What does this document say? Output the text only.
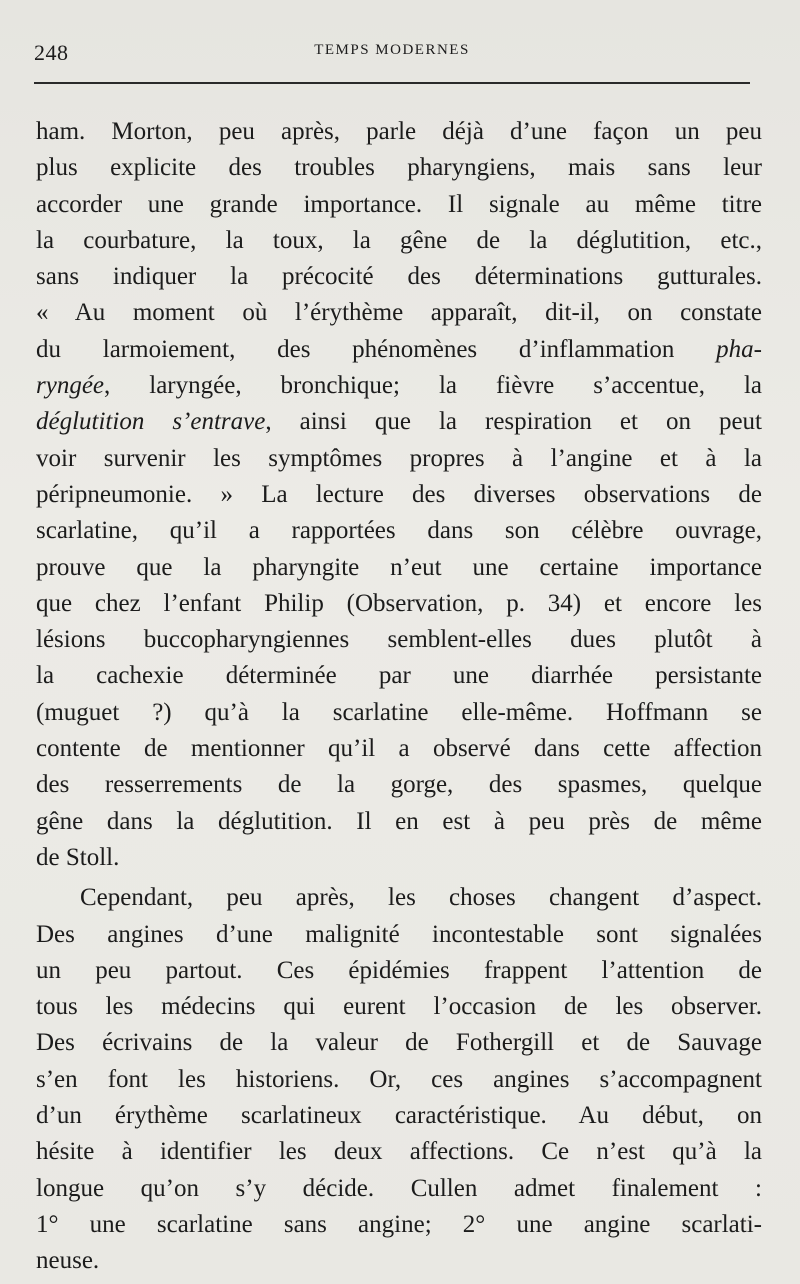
248	TEMPS MODERNES
ham. Morton, peu après, parle déjà d’une façon un peu
plus explicite des troubles pharyngiens, mais sans leur
accorder une grande importance. Il signale au même titre
la courbature, la toux, la gêne de la déglutition, etc.,
sans indiquer la précocité des déterminations gutturales.
« Au moment où l’érythème apparaît, dit-il, on constate
du larmoiement, des phénomènes d’inflammation pha-
ryngée, laryngée, bronchique; la fièvre s’accentue, la
déglutition s’entrave, ainsi que la respiration et on peut
voir survenir les symptômes propres à l’angine et à la
péripneumonie. » La lecture des diverses observations de
scarlatine, qu’il a rapportées dans son célèbre ouvrage,
prouve que la pharyngite n’eut une certaine importance
que chez l’enfant Philip (Observation, p. 34) et encore les
lésions buccopharyngiennes semblent-elles dues plutôt à
la cachexie déterminée par une diarrhée persistante
(muguet ?) qu’à la scarlatine elle-même. Hoffmann se
contente de mentionner qu’il a observé dans cette affection
des resserrements de la gorge, des spasmes, quelque
gêne dans la déglutition. Il en est à peu près de même
de Stoll.
Cependant, peu après, les choses changent d’aspect.
Des angines d’une malignité incontestable sont signalées
un peu partout. Ces épidémies frappent l’attention de
tous les médecins qui eurent l’occasion de les observer.
Des écrivains de la valeur de Fothergill et de Sauvage
s’en font les historiens. Or, ces angines s’accompagnent
d’un érythème scarlatineux caractéristique. Au début, on
hésite à identifier les deux affections. Ce n’est qu’à la
longue qu’on s’y décide. Cullen admet finalement :
1° une scarlatine sans angine; 2° une angine scarlati-
neuse.
